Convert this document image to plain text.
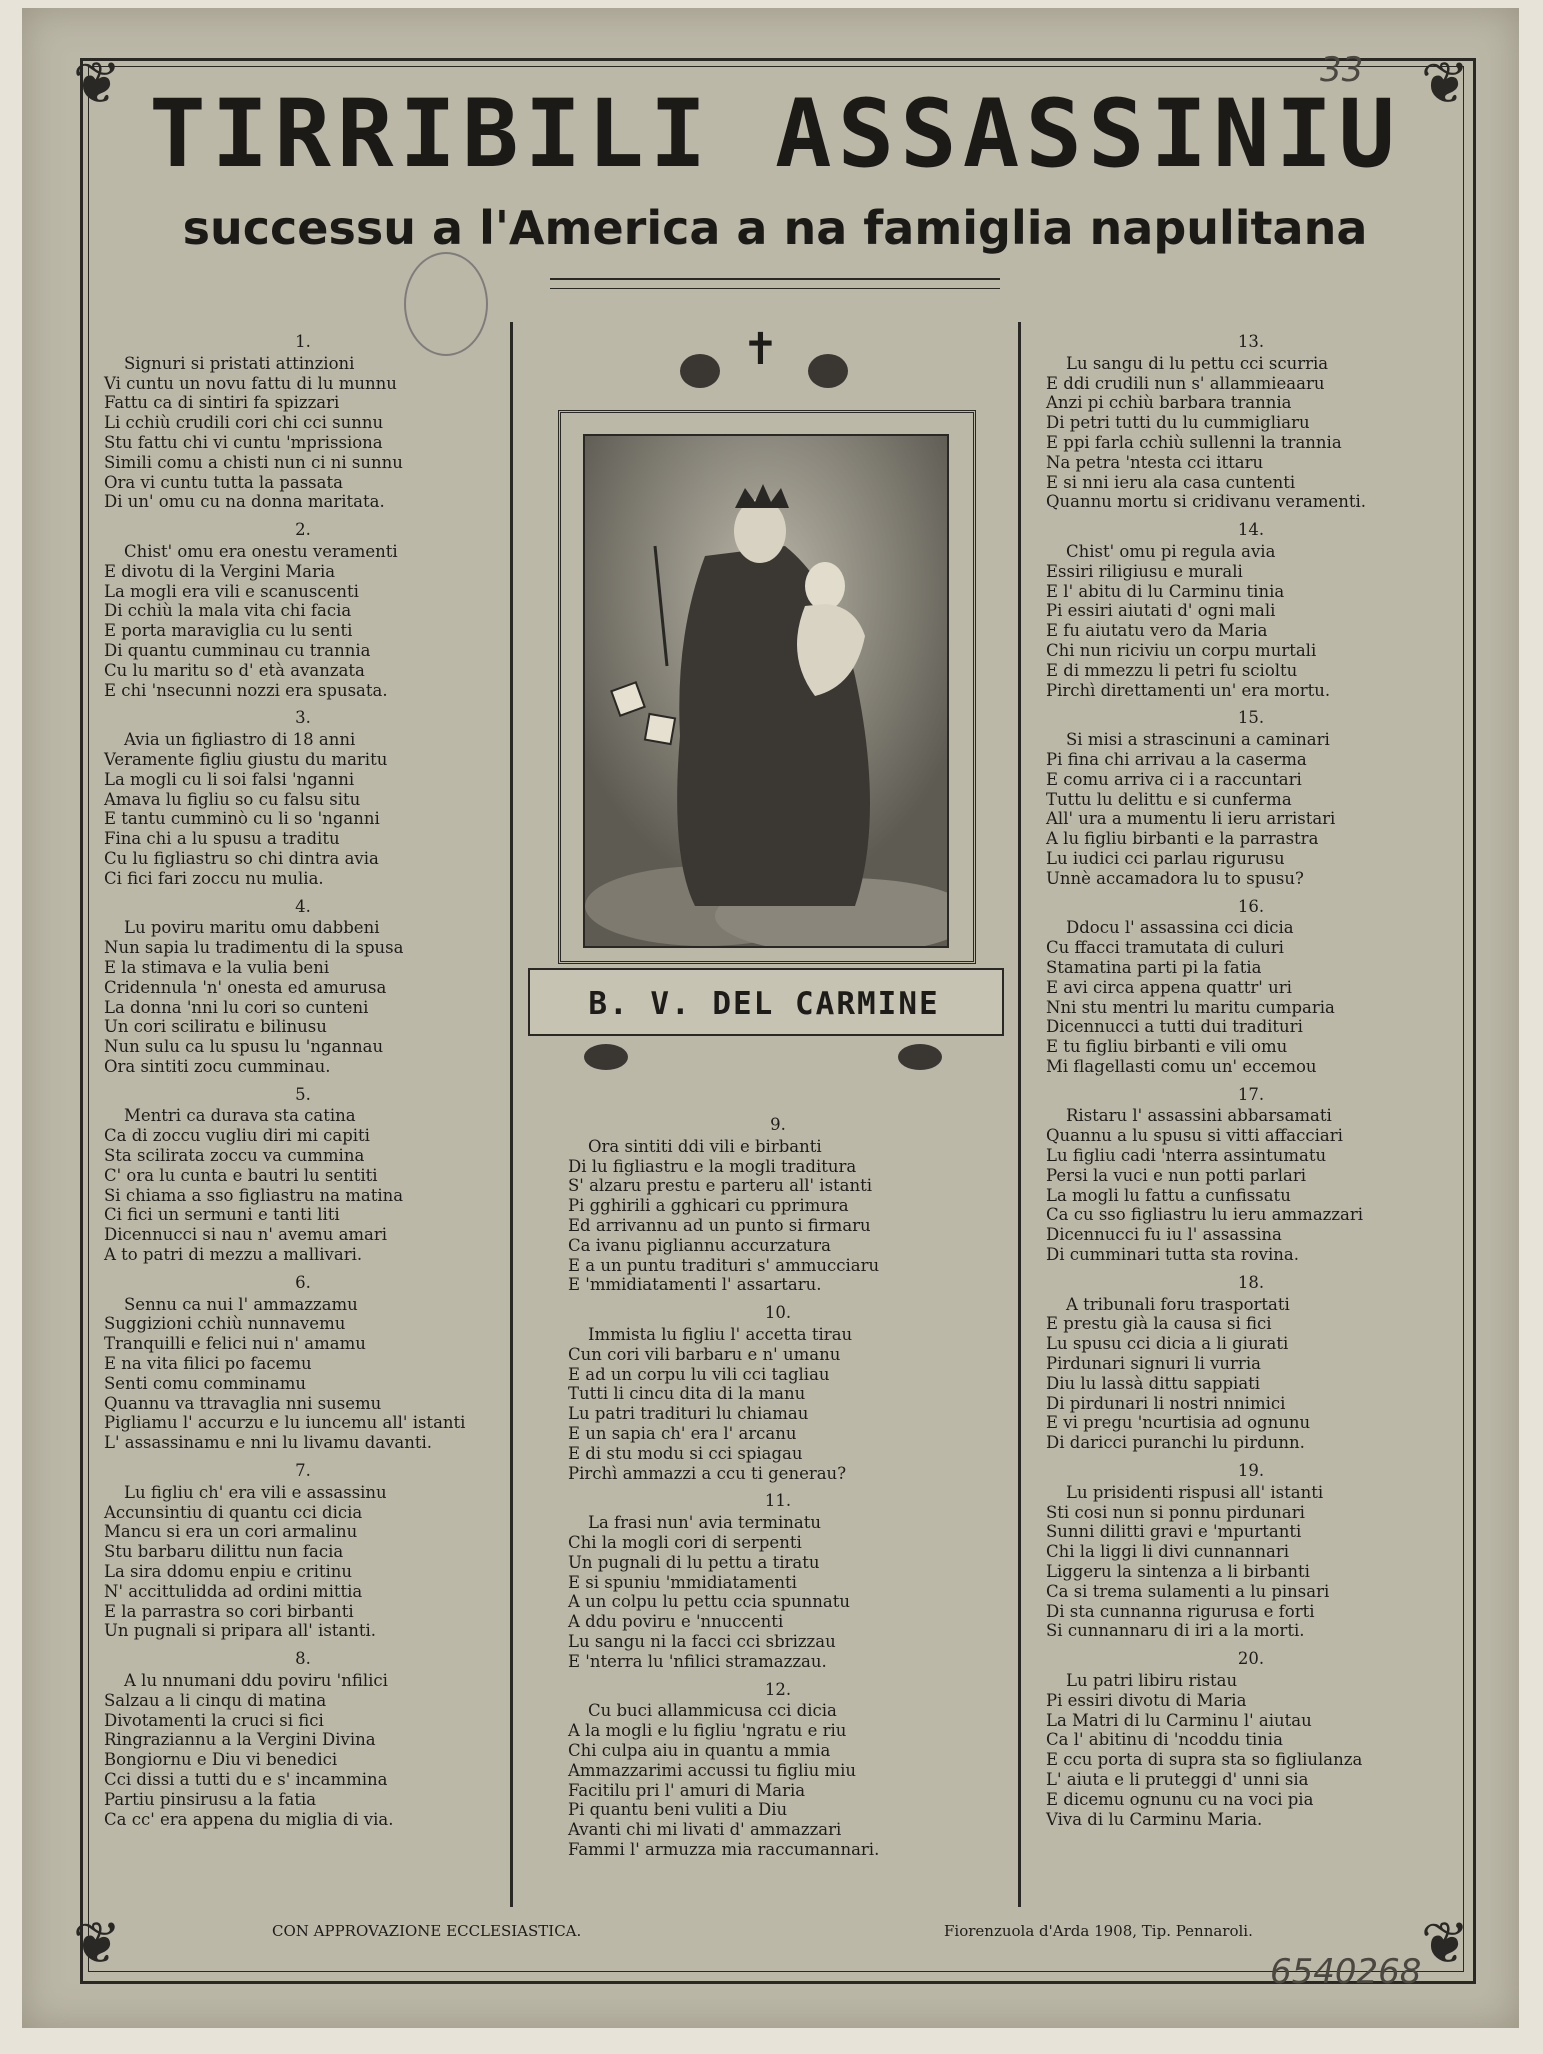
❦	❦
❦	❦
33
TIRRIBILI ASSASSINIU
successu a l'America a na famiglia napulitana
1.
Signuri si pristati attinzioni
Vi cuntu un novu fattu di lu munnu
Fattu ca di sintiri fa spizzari
Li cchiù crudili cori chi cci sunnu
Stu fattu chi vi cuntu 'mprissiona
Simili comu a chisti nun ci ni sunnu
Ora vi cuntu tutta la passata
Di un' omu cu na donna maritata.
2.
Chist' omu era onestu veramenti
E divotu di la Vergini Maria
La mogli era vili e scanuscenti
Di cchiù la mala vita chi facia
E porta maraviglia cu lu senti
Di quantu cumminau cu trannia
Cu lu maritu so d' età avanzata
E chi 'nsecunni nozzi era spusata.
3.
Avia un figliastro di 18 anni
Veramente figliu giustu du maritu
La mogli cu li soi falsi 'nganni
Amava lu figliu so cu falsu situ
E tantu cumminò cu li so 'nganni
Fina chi a lu spusu a traditu
Cu lu figliastru so chi dintra avia
Ci fici fari zoccu nu mulia.
4.
Lu poviru maritu omu dabbeni
Nun sapia lu tradimentu di la spusa
E la stimava e la vulia beni
Cridennula 'n' onesta ed amurusa
La donna 'nni lu cori so cunteni
Un cori sciliratu e bilinusu
Nun sulu ca lu spusu lu 'ngannau
Ora sintiti zocu cumminau.
5.
Mentri ca durava sta catina
Ca di zoccu vugliu diri mi capiti
Sta scilirata zoccu va cummina
C' ora lu cunta e bautri lu sentiti
Si chiama a sso figliastru na matina
Ci fici un sermuni e tanti liti
Dicennucci si nau n' avemu amari
A to patri di mezzu a mallivari.
6.
Sennu ca nui l' ammazzamu
Suggizioni cchiù nunnavemu
Tranquilli e felici nui n' amamu
E na vita filici po facemu
Senti comu comminamu
Quannu va ttravaglia nni susemu
Pigliamu l' accurzu e lu iuncemu all' istanti
L' assassinamu e nni lu livamu davanti.
7.
Lu figliu ch' era vili e assassinu
Accunsintiu di quantu cci dicia
Mancu si era un cori armalinu
Stu barbaru dilittu nun facia
La sira ddomu enpiu e critinu
N' accittulidda ad ordini mittia
E la parrastra so cori birbanti
Un pugnali si pripara all' istanti.
8.
A lu nnumani ddu poviru 'nfilici
Salzau a li cinqu di matina
Divotamenti la cruci si fici
Ringraziannu a la Vergini Divina
Bongiornu e Diu vi benedici
Cci dissi a tutti du e s' incammina
Partiu pinsirusu a la fatia
Ca cc' era appena du miglia di via.
✝
B. V. DEL CARMINE
9.
Ora sintiti ddi vili e birbanti
Di lu figliastru e la mogli traditura
S' alzaru prestu e parteru all' istanti
Pi gghirili a gghicari cu pprimura
Ed arrivannu ad un punto si firmaru
Ca ivanu pigliannu accurzatura
E a un puntu tradituri s' ammucciaru
E 'mmidiatamenti l' assartaru.
10.
Immista lu figliu l' accetta tirau
Cun cori vili barbaru e n' umanu
E ad un corpu lu vili cci tagliau
Tutti li cincu dita di la manu
Lu patri tradituri lu chiamau
E un sapia ch' era l' arcanu
E di stu modu si cci spiagau
Pirchì ammazzi a ccu ti generau?
11.
La frasi nun' avia terminatu
Chi la mogli cori di serpenti
Un pugnali di lu pettu a tiratu
E si spuniu 'mmidiatamenti
A un colpu lu pettu ccia spunnatu
A ddu poviru e 'nnuccenti
Lu sangu ni la facci cci sbrizzau
E 'nterra lu 'nfilici stramazzau.
12.
Cu buci allammicusa cci dicia
A la mogli e lu figliu 'ngratu e riu
Chi culpa aiu in quantu a mmia
Ammazzarimi accussi tu figliu miu
Facitilu pri l' amuri di Maria
Pi quantu beni vuliti a Diu
Avanti chi mi livati d' ammazzari
Fammi l' armuzza mia raccumannari.
13.
Lu sangu di lu pettu cci scurria
E ddi crudili nun s' allammieaaru
Anzi pi cchiù barbara trannia
Di petri tutti du lu cummigliaru
E ppi farla cchiù sullenni la trannia
Na petra 'ntesta cci ittaru
E si nni ieru ala casa cuntenti
Quannu mortu si cridivanu veramenti.
14.
Chist' omu pi regula avia
Essiri riligiusu e murali
E l' abitu di lu Carminu tinia
Pi essiri aiutati d' ogni mali
E fu aiutatu vero da Maria
Chi nun riciviu un corpu murtali
E di mmezzu li petri fu scioltu
Pirchì direttamenti un' era mortu.
15.
Si misi a strascinuni a caminari
Pi fina chi arrivau a la caserma
E comu arriva ci i a raccuntari
Tuttu lu delittu e si cunferma
All' ura a mumentu li ieru arristari
A lu figliu birbanti e la parrastra
Lu iudici cci parlau rigurusu
Unnè accamadora lu to spusu?
16.
Ddocu l' assassina cci dicia
Cu ffacci tramutata di culuri
Stamatina parti pi la fatia
E avi circa appena quattr' uri
Nni stu mentri lu maritu cumparia
Dicennucci a tutti dui tradituri
E tu figliu birbanti e vili omu
Mi flagellasti comu un' eccemou
17.
Ristaru l' assassini abbarsamati
Quannu a lu spusu si vitti affacciari
Lu figliu cadi 'nterra assintumatu
Persi la vuci e nun potti parlari
La mogli lu fattu a cunfissatu
Ca cu sso figliastru lu ieru ammazzari
Dicennucci fu iu l' assassina
Di cumminari tutta sta rovina.
18.
A tribunali foru trasportati
E prestu già la causa si fici
Lu spusu cci dicia a li giurati
Pirdunari signuri li vurria
Diu lu lassà dittu sappiati
Di pirdunari li nostri nnimici
E vi pregu 'ncurtisia ad ognunu
Di daricci puranchi lu pirdunn.
19.
Lu prisidenti rispusi all' istanti
Sti cosi nun si ponnu pirdunari
Sunni dilitti gravi e 'mpurtanti
Chi la liggi li divi cunnannari
Liggeru la sintenza a li birbanti
Ca si trema sulamenti a lu pinsari
Di sta cunnanna rigurusa e forti
Si cunnannaru di iri a la morti.
20.
Lu patri libiru ristau
Pi essiri divotu di Maria
La Matri di lu Carminu l' aiutau
Ca l' abitinu di 'ncoddu tinia
E ccu porta di supra sta so figliulanza
L' aiuta e li pruteggi d' unni sia
E dicemu ognunu cu na voci pia
Viva di lu Carminu Maria.
CON APPROVAZIONE ECCLESIASTICA.	Fiorenzuola d'Arda 1908, Tip. Pennaroli.
6540268
